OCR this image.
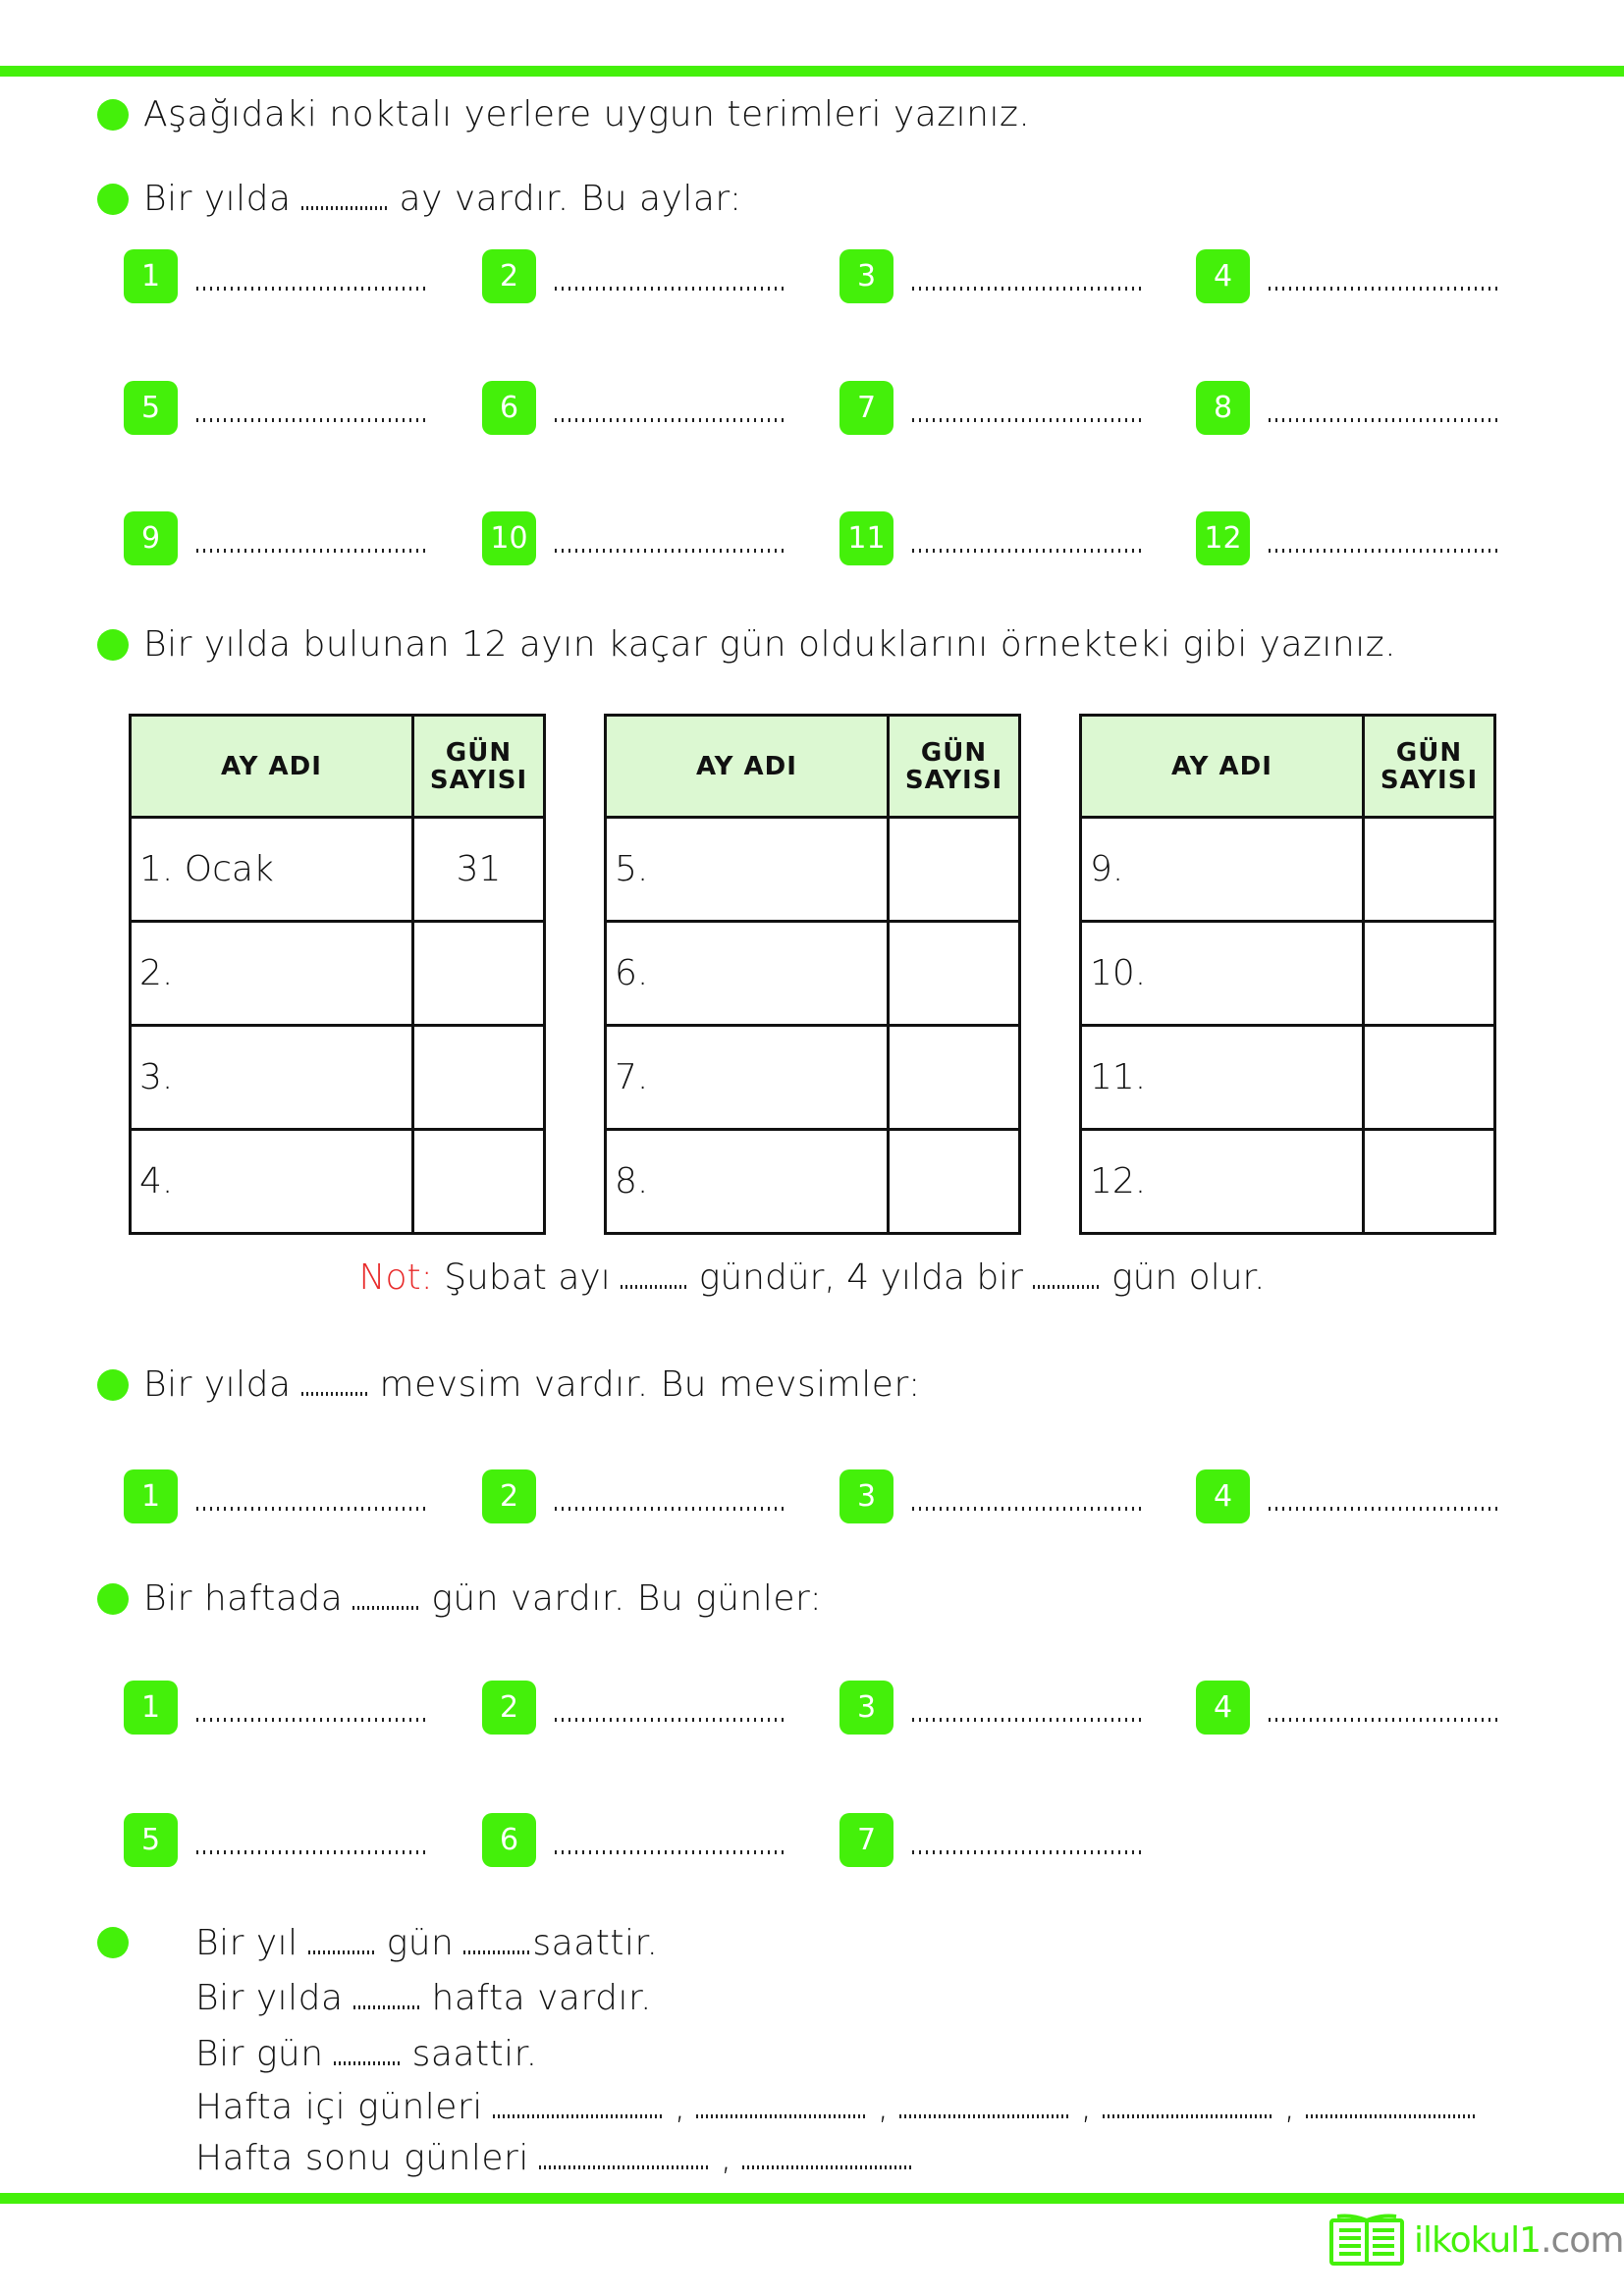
Aşağıdaki noktalı yerlere uygun terimleri yazınız.
Bir yılda	ay vardır. Bu aylar:
1	2	3	4
5	6	7	8
9	10	11	12
Bir yılda bulunan 12 ayın kaçar gün olduklarını örnekteki gibi yazınız.
AY ADI	GÜN
SAYISI
1. Ocak	31
2.	
3.	
4.	
AY ADI	GÜN
SAYISI
5.	
6.	
7.	
8.	
AY ADI	GÜN
SAYISI
9.	
10.	
11.	
12.	
Not: Şubat ayı	gündür, 4 yılda bir	gün olur.
Bir yılda	mevsim vardır. Bu mevsimler:
1	2	3	4
Bir haftada	gün vardır. Bu günler:
1	2	3	4
5	6	7
Bir yıl	gün saattir.
Bir yılda	hafta vardır.
Bir gün	saattir.
Hafta içi günleri	,	,	,	,
Hafta sonu günleri	,
ilkokul1.com
